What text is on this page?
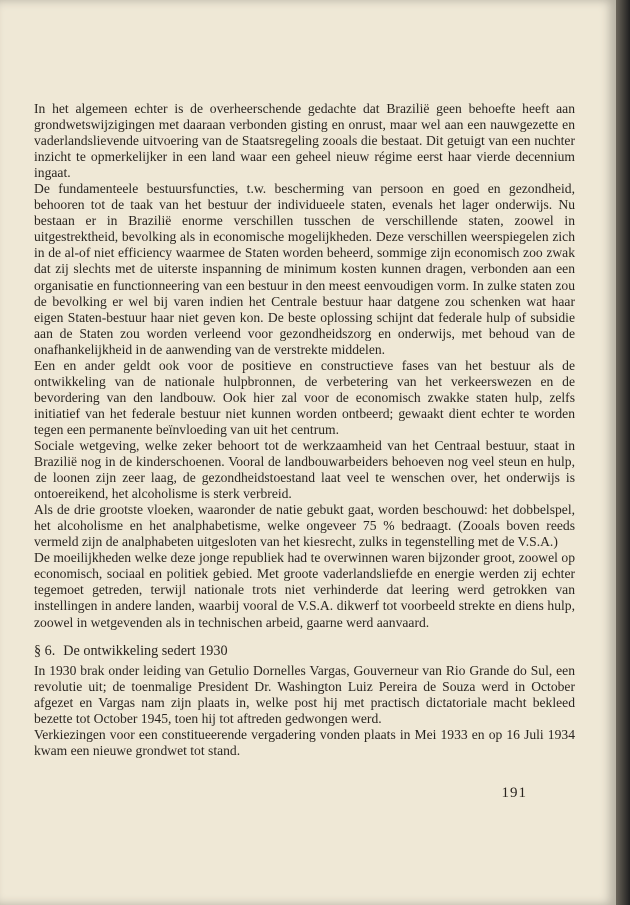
In het algemeen echter is de overheerschende gedachte dat Brazilië geen behoefte heeft aan grondwetswijzigingen met daaraan verbonden gisting en onrust, maar wel aan een nauwgezette en vaderlandslievende uitvoering van de Staatsregeling zooals die bestaat. Dit getuigt van een nuchter inzicht te opmerkelijker in een land waar een geheel nieuw régime eerst haar vierde decennium ingaat.

De fundamenteele bestuursfuncties, t.w. bescherming van persoon en goed en gezondheid, behooren tot de taak van het bestuur der individueele staten, evenals het lager onderwijs. Nu bestaan er in Brazilië enorme verschillen tusschen de verschillende staten, zoowel in uitgestrektheid, bevolking als in economische mogelijkheden. Deze verschillen weerspiegelen zich in de al-of niet efficiency waarmee de Staten worden beheerd, sommige zijn economisch zoo zwak dat zij slechts met de uiterste inspanning de minimum kosten kunnen dragen, verbonden aan een organisatie en functionneering van een bestuur in den meest eenvoudigen vorm. In zulke staten zou de bevolking er wel bij varen indien het Centrale bestuur haar datgene zou schenken wat haar eigen Staten-bestuur haar niet geven kon. De beste oplossing schijnt dat federale hulp of subsidie aan de Staten zou worden verleend voor gezondheidszorg en onderwijs, met behoud van de onafhankelijkheid in de aanwending van de verstrekte middelen.

Een en ander geldt ook voor de positieve en constructieve fases van het bestuur als de ontwikkeling van de nationale hulpbronnen, de verbetering van het verkeerswezen en de bevordering van den landbouw. Ook hier zal voor de economisch zwakke staten hulp, zelfs initiatief van het federale bestuur niet kunnen worden ontbeerd; gewaakt dient echter te worden tegen een permanente beïnvloeding van uit het centrum.

Sociale wetgeving, welke zeker behoort tot de werkzaamheid van het Centraal bestuur, staat in Brazilië nog in de kinderschoenen. Vooral de landbouwarbeiders behoeven nog veel steun en hulp, de loonen zijn zeer laag, de gezondheidstoestand laat veel te wenschen over, het onderwijs is ontoereikend, het alcoholisme is sterk verbreid.

Als de drie grootste vloeken, waaronder de natie gebukt gaat, worden beschouwd: het dobbelspel, het alcoholisme en het analphabetisme, welke ongeveer 75 % bedraagt. (Zooals boven reeds vermeld zijn de analphabeten uitgesloten van het kiesrecht, zulks in tegenstelling met de V.S.A.)

De moeilijkheden welke deze jonge republiek had te overwinnen waren bijzonder groot, zoowel op economisch, sociaal en politiek gebied. Met groote vaderlandsliefde en energie werden zij echter tegemoet getreden, terwijl nationale trots niet verhinderde dat leering werd getrokken van instellingen in andere landen, waarbij vooral de V.S.A. dikwerf tot voorbeeld strekte en diens hulp, zoowel in wetgevenden als in technischen arbeid, gaarne werd aanvaard.

§ 6. De ontwikkeling sedert 1930

In 1930 brak onder leiding van Getulio Dornelles Vargas, Gouverneur van Rio Grande do Sul, een revolutie uit; de toenmalige President Dr. Washington Luiz Pereira de Souza werd in October afgezet en Vargas nam zijn plaats in, welke post hij met practisch dictatoriale macht bekleed bezette tot October 1945, toen hij tot aftreden gedwongen werd.

Verkiezingen voor een constitueerende vergadering vonden plaats in Mei 1933 en op 16 Juli 1934 kwam een nieuwe grondwet tot stand.

191
